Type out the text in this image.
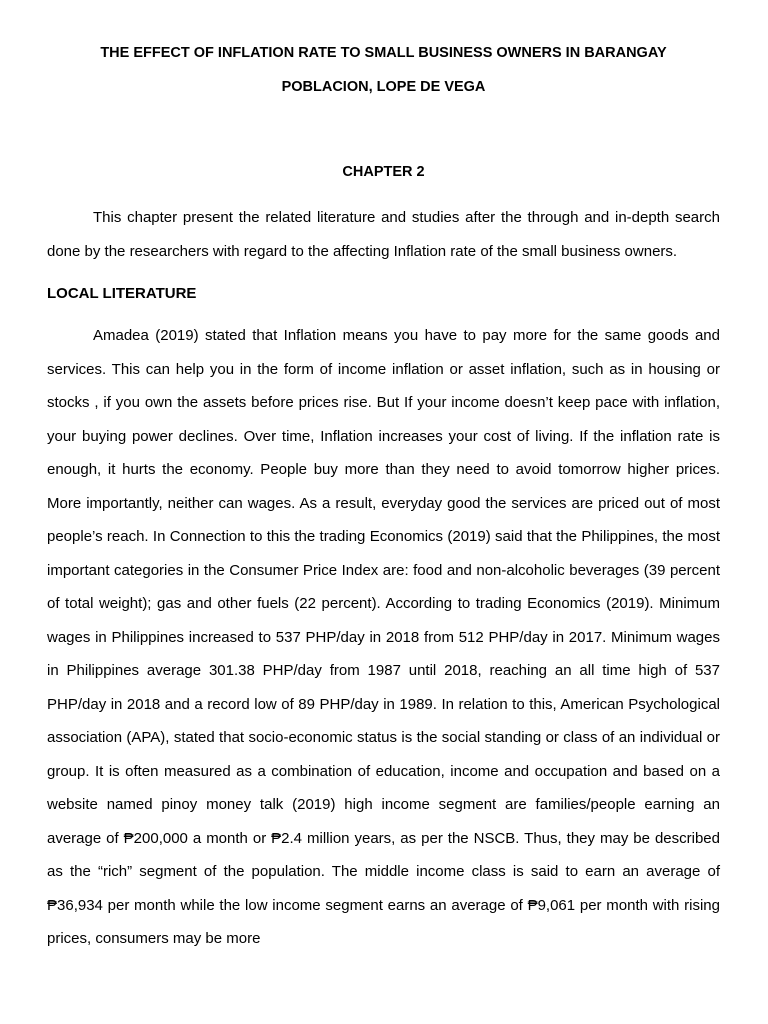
THE EFFECT OF INFLATION RATE TO SMALL BUSINESS OWNERS IN BARANGAY
POBLACION, LOPE DE VEGA
CHAPTER 2

This chapter present the related literature and studies after the through and in-depth search done by the researchers with regard to the affecting Inflation rate of the small business owners.

LOCAL LITERATURE

Amadea (2019) stated that Inflation means you have to pay more for the same goods and services. This can help you in the form of income inflation or asset inflation, such as in housing or stocks , if you own the assets before prices rise. But If your income doesn’t keep pace with inflation, your buying power declines. Over time, Inflation increases your cost of living. If the inflation rate is enough, it hurts the economy. People buy more than they need to avoid tomorrow higher prices. More importantly, neither can wages. As a result, everyday good the services are priced out of most people’s reach. In Connection to this the trading Economics (2019) said that the Philippines, the most important categories in the Consumer Price Index are: food and non-alcoholic beverages (39 percent of total weight); gas and other fuels (22 percent). According to trading Economics (2019). Minimum wages in Philippines increased to 537 PHP/day in 2018 from 512 PHP/day in 2017. Minimum wages in Philippines average 301.38 PHP/day from 1987 until 2018, reaching an all time high of 537 PHP/day in 2018 and a record low of 89 PHP/day in 1989. In relation to this, American Psychological association (APA), stated that socio-economic status is the social standing or class of an individual or group. It is often measured as a combination of education, income and occupation and based on a website named pinoy money talk (2019) high income segment are families/people earning an average of ₱200,000 a month or ₱2.4 million years, as per the NSCB. Thus, they may be described as the “rich” segment of the population. The middle income class is said to earn an average of ₱36,934 per month while the low income segment earns an average of ₱9,061 per month with rising prices, consumers may be more
